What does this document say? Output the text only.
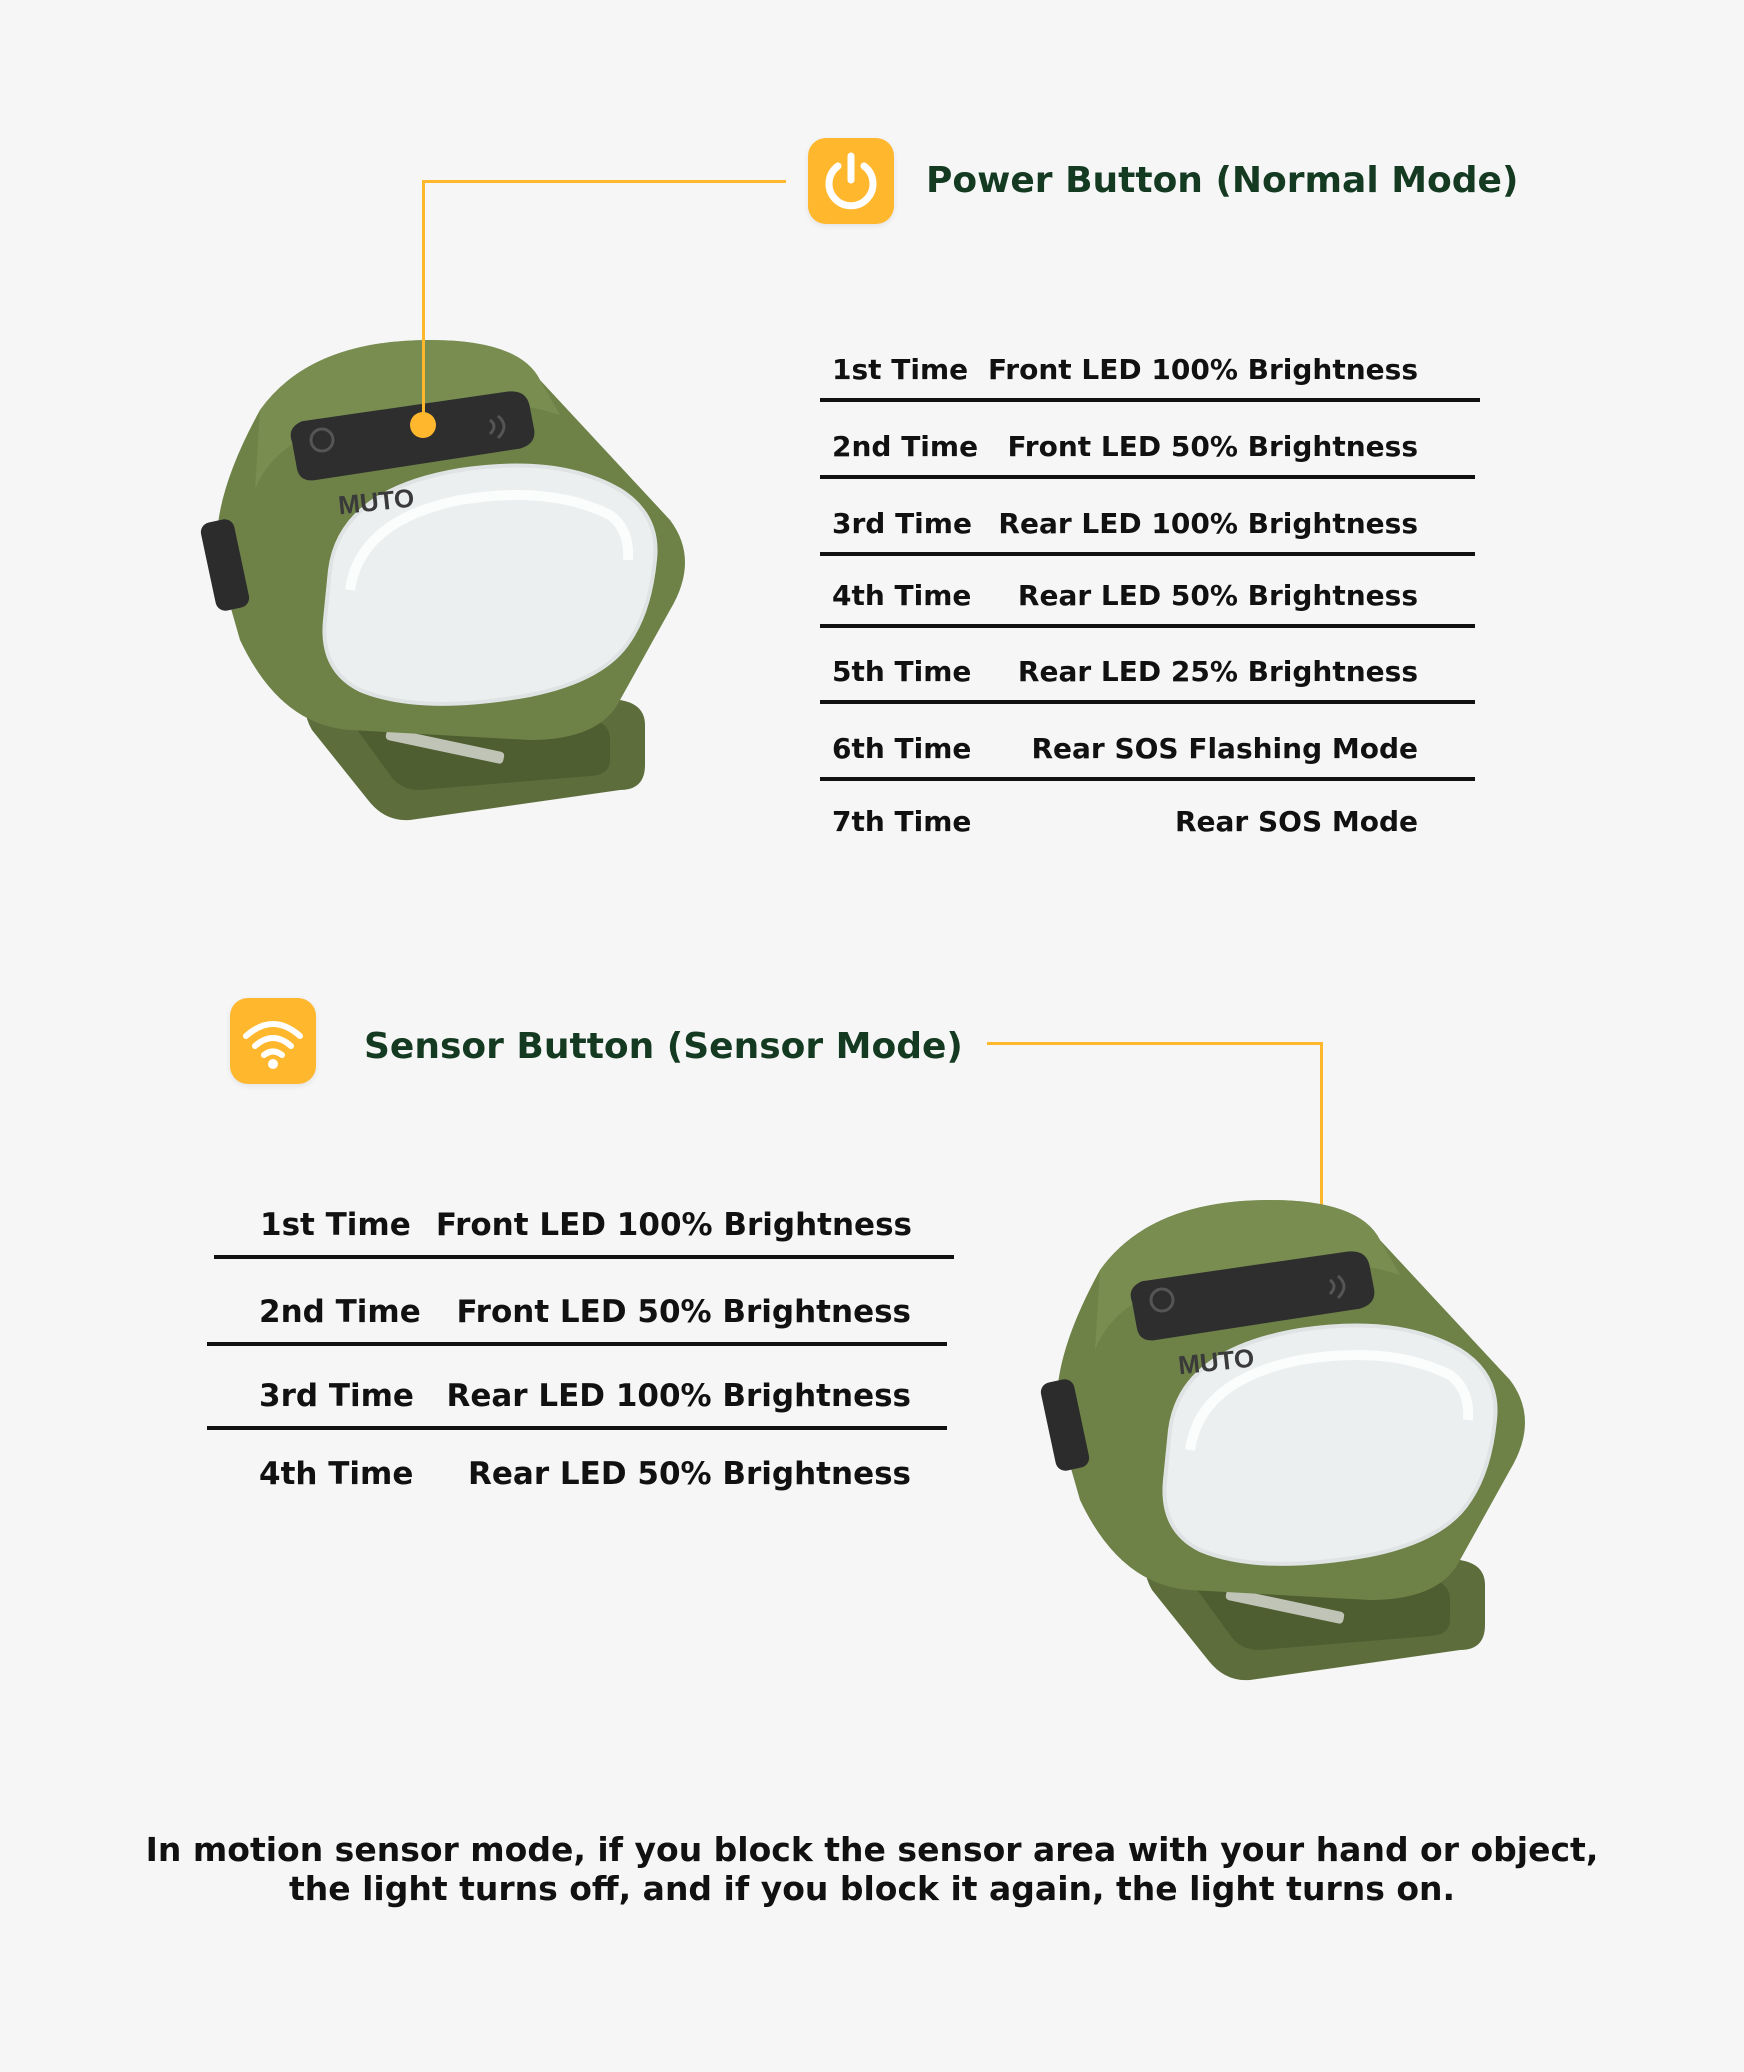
MUTO
Power Button (Normal Mode)
1st Time Front LED 100% Brightness
2nd Time Front LED 50% Brightness
3rd Time Rear LED 100% Brightness
4th Time Rear LED 50% Brightness
5th Time Rear LED 25% Brightness
6th Time Rear SOS Flashing Mode
7th Time	Rear SOS Mode
Sensor Button (Sensor Mode)
1st Time Front LED 100% Brightness
2nd Time Front LED 50% Brightness
3rd Time Rear LED 100% Brightness
4th Time Rear LED 50% Brightness
MUTO
In motion sensor mode, if you block the sensor area with your hand or object,
the light turns off, and if you block it again, the light turns on.
